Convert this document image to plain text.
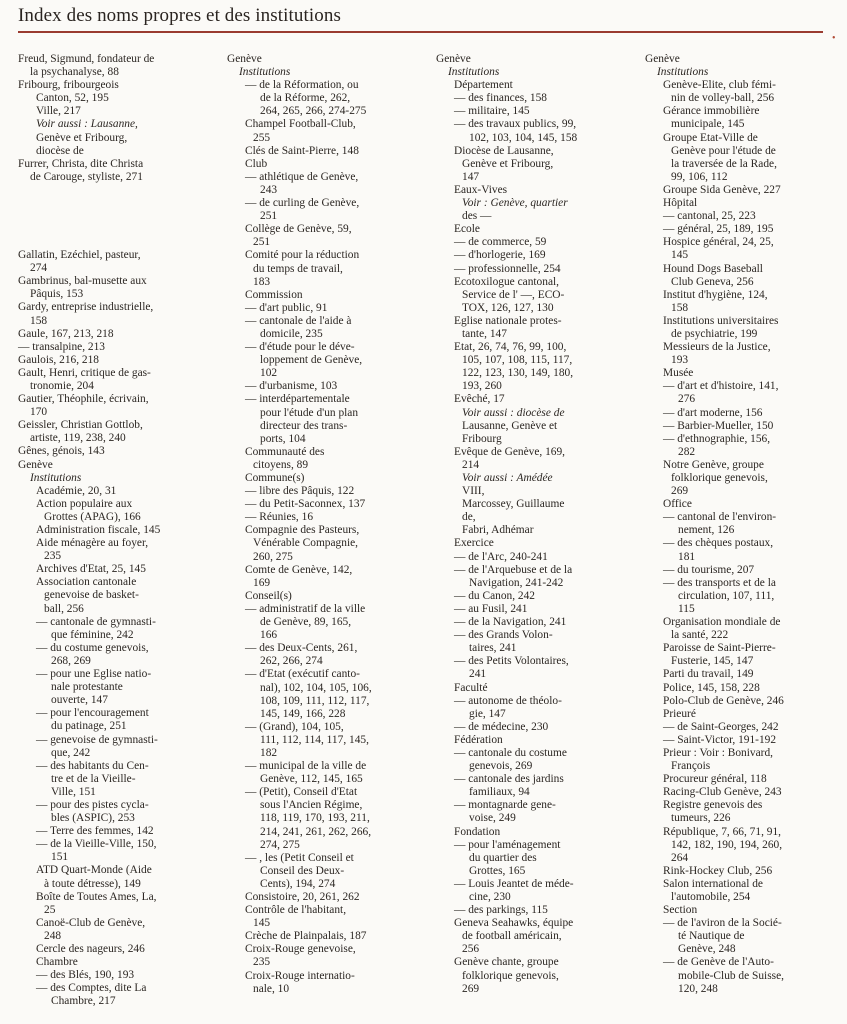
Index des noms propres et des institutions
•
Freud, Sigmund, fondateur de
la psychanalyse, 88
Fribourg, fribourgeois
Canton, 52, 195
Ville, 217
Voir aussi : Lausanne,
Genève et Fribourg,
diocèse de
Furrer, Christa, dite Christa
de Carouge, styliste, 271
Gallatin, Ezéchiel, pasteur,
274
Gambrinus, bal-musette aux
Pâquis, 153
Gardy, entreprise industrielle,
158
Gaule, 167, 213, 218
— transalpine, 213
Gaulois, 216, 218
Gault, Henri, critique de gas-
tronomie, 204
Gautier, Théophile, écrivain,
170
Geissler, Christian Gottlob,
artiste, 119, 238, 240
Gênes, génois, 143
Genève
Institutions
Académie, 20, 31
Action populaire aux
Grottes (APAG), 166
Administration fiscale, 145
Aide ménagère au foyer,
235
Archives d'Etat, 25, 145
Association cantonale
genevoise de basket-
ball, 256
— cantonale de gymnasti-
que féminine, 242
— du costume genevois,
268, 269
— pour une Eglise natio-
nale protestante
ouverte, 147
— pour l'encouragement
du patinage, 251
— genevoise de gymnasti-
que, 242
— des habitants du Cen-
tre et de la Vieille-
Ville, 151
— pour des pistes cycla-
bles (ASPIC), 253
— Terre des femmes, 142
— de la Vieille-Ville, 150,
151
ATD Quart-Monde (Aide
à toute détresse), 149
Boîte de Toutes Ames, La,
25
Canoë-Club de Genève,
248
Cercle des nageurs, 246
Chambre
— des Blés, 190, 193
— des Comptes, dite La
Chambre, 217
Genève
Institutions
— de la Réformation, ou
de la Réforme, 262,
264, 265, 266, 274-275
Champel Football-Club,
255
Clés de Saint-Pierre, 148
Club
— athlétique de Genève,
243
— de curling de Genève,
251
Collège de Genève, 59,
251
Comité pour la réduction
du temps de travail,
183
Commission
— d'art public, 91
— cantonale de l'aide à
domicile, 235
— d'étude pour le déve-
loppement de Genève,
102
— d'urbanisme, 103
— interdépartementale
pour l'étude d'un plan
directeur des trans-
ports, 104
Communauté des
citoyens, 89
Commune(s)
— libre des Pâquis, 122
— du Petit-Saconnex, 137
— Réunies, 16
Compagnie des Pasteurs,
Vénérable Compagnie,
260, 275
Comte de Genève, 142,
169
Conseil(s)
— administratif de la ville
de Genève, 89, 165,
166
— des Deux-Cents, 261,
262, 266, 274
— d'Etat (exécutif canto-
nal), 102, 104, 105, 106,
108, 109, 111, 112, 117,
145, 149, 166, 228
— (Grand), 104, 105,
111, 112, 114, 117, 145,
182
— municipal de la ville de
Genève, 112, 145, 165
— (Petit), Conseil d'Etat
sous l'Ancien Régime,
118, 119, 170, 193, 211,
214, 241, 261, 262, 266,
274, 275
— , les (Petit Conseil et
Conseil des Deux-
Cents), 194, 274
Consistoire, 20, 261, 262
Contrôle de l'habitant,
145
Crèche de Plainpalais, 187
Croix-Rouge genevoise,
235
Croix-Rouge internatio-
nale, 10
Genève
Institutions
Département
— des finances, 158
— militaire, 145
— des travaux publics, 99,
102, 103, 104, 145, 158
Diocèse de Lausanne,
Genève et Fribourg,
147
Eaux-Vives
Voir : Genève, quartier
des —
Ecole
— de commerce, 59
— d'horlogerie, 169
— professionnelle, 254
Ecotoxilogue cantonal,
Service de l' —, ECO-
TOX, 126, 127, 130
Eglise nationale protes-
tante, 147
Etat, 26, 74, 76, 99, 100,
105, 107, 108, 115, 117,
122, 123, 130, 149, 180,
193, 260
Evêché, 17
Voir aussi : diocèse de
Lausanne, Genève et
Fribourg
Evêque de Genève, 169,
214
Voir aussi : Amédée
VIII,
Marcossey, Guillaume
de,
Fabri, Adhémar
Exercice
— de l'Arc, 240-241
— de l'Arquebuse et de la
Navigation, 241-242
— du Canon, 242
— au Fusil, 241
— de la Navigation, 241
— des Grands Volon-
taires, 241
— des Petits Volontaires,
241
Faculté
— autonome de théolo-
gie, 147
— de médecine, 230
Fédération
— cantonale du costume
genevois, 269
— cantonale des jardins
familiaux, 94
— montagnarde gene-
voise, 249
Fondation
— pour l'aménagement
du quartier des
Grottes, 165
— Louis Jeantet de méde-
cine, 230
— des parkings, 115
Geneva Seahawks, équipe
de football américain,
256
Genève chante, groupe
folklorique genevois,
269
Genève
Institutions
Genève-Elite, club fémi-
nin de volley-ball, 256
Gérance immobilière
municipale, 145
Groupe Etat-Ville de
Genève pour l'étude de
la traversée de la Rade,
99, 106, 112
Groupe Sida Genève, 227
Hôpital
— cantonal, 25, 223
— général, 25, 189, 195
Hospice général, 24, 25,
145
Hound Dogs Baseball
Club Geneva, 256
Institut d'hygiène, 124,
158
Institutions universitaires
de psychiatrie, 199
Messieurs de la Justice,
193
Musée
— d'art et d'histoire, 141,
276
— d'art moderne, 156
— Barbier-Mueller, 150
— d'ethnographie, 156,
282
Notre Genève, groupe
folklorique genevois,
269
Office
— cantonal de l'environ-
nement, 126
— des chèques postaux,
181
— du tourisme, 207
— des transports et de la
circulation, 107, 111,
115
Organisation mondiale de
la santé, 222
Paroisse de Saint-Pierre-
Fusterie, 145, 147
Parti du travail, 149
Police, 145, 158, 228
Polo-Club de Genève, 246
Prieuré
— de Saint-Georges, 242
— Saint-Victor, 191-192
Prieur : Voir : Bonivard,
François
Procureur général, 118
Racing-Club Genève, 243
Registre genevois des
tumeurs, 226
République, 7, 66, 71, 91,
142, 182, 190, 194, 260,
264
Rink-Hockey Club, 256
Salon international de
l'automobile, 254
Section
— de l'aviron de la Socié-
té Nautique de
Genève, 248
— de Genève de l'Auto-
mobile-Club de Suisse,
120, 248
